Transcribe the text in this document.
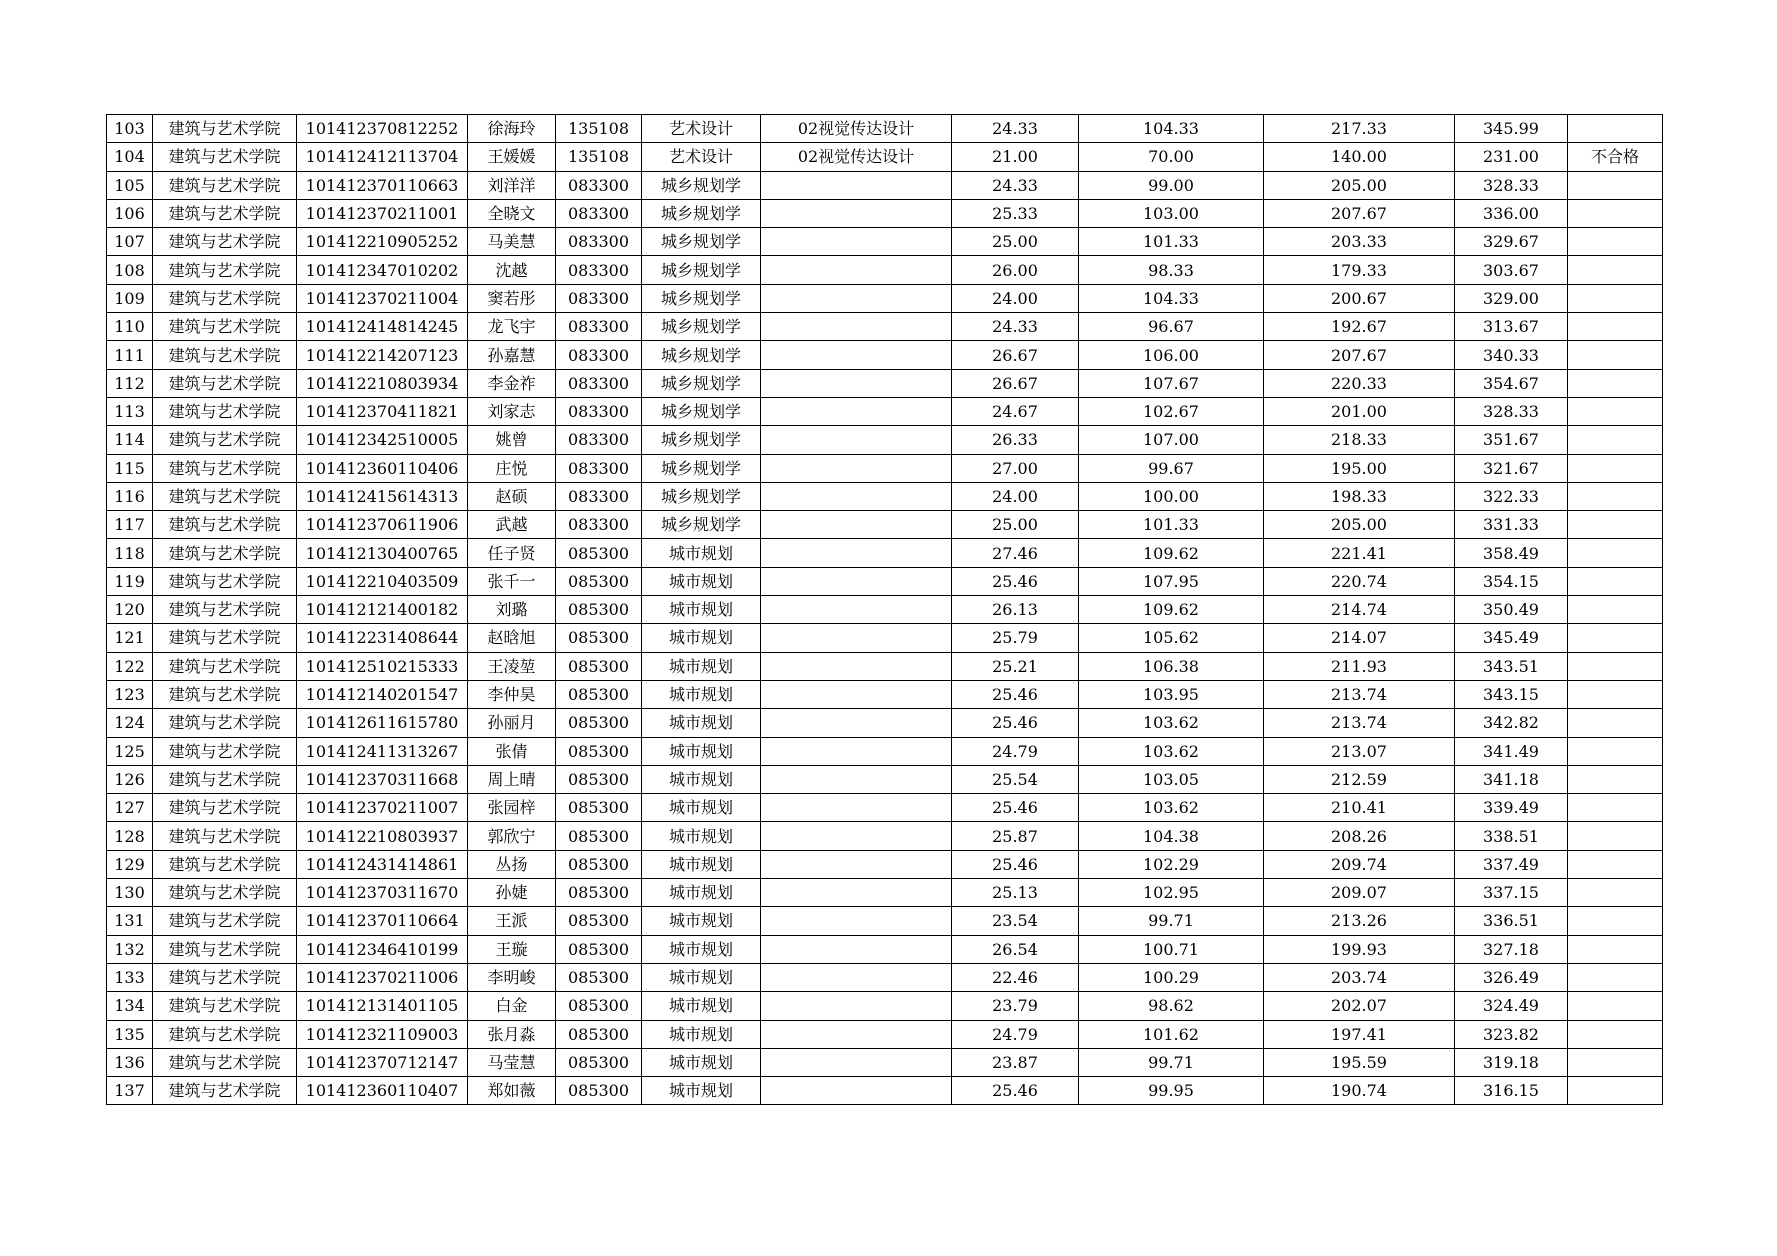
103	建筑与艺术学院	101412370812252	徐海玲	135108	艺术设计	02视觉传达设计	24.33	104.33	217.33	345.99	
104	建筑与艺术学院	101412412113704	王媛媛	135108	艺术设计	02视觉传达设计	21.00	70.00	140.00	231.00	不合格
105	建筑与艺术学院	101412370110663	刘洋洋	083300	城乡规划学		24.33	99.00	205.00	328.33	
106	建筑与艺术学院	101412370211001	全晓文	083300	城乡规划学		25.33	103.00	207.67	336.00	
107	建筑与艺术学院	101412210905252	马美慧	083300	城乡规划学		25.00	101.33	203.33	329.67	
108	建筑与艺术学院	101412347010202	沈越	083300	城乡规划学		26.00	98.33	179.33	303.67	
109	建筑与艺术学院	101412370211004	窦若彤	083300	城乡规划学		24.00	104.33	200.67	329.00	
110	建筑与艺术学院	101412414814245	龙飞宇	083300	城乡规划学		24.33	96.67	192.67	313.67	
111	建筑与艺术学院	101412214207123	孙嘉慧	083300	城乡规划学		26.67	106.00	207.67	340.33	
112	建筑与艺术学院	101412210803934	李金祚	083300	城乡规划学		26.67	107.67	220.33	354.67	
113	建筑与艺术学院	101412370411821	刘家志	083300	城乡规划学		24.67	102.67	201.00	328.33	
114	建筑与艺术学院	101412342510005	姚曾	083300	城乡规划学		26.33	107.00	218.33	351.67	
115	建筑与艺术学院	101412360110406	庄悦	083300	城乡规划学		27.00	99.67	195.00	321.67	
116	建筑与艺术学院	101412415614313	赵硕	083300	城乡规划学		24.00	100.00	198.33	322.33	
117	建筑与艺术学院	101412370611906	武越	083300	城乡规划学		25.00	101.33	205.00	331.33	
118	建筑与艺术学院	101412130400765	任子贤	085300	城市规划		27.46	109.62	221.41	358.49	
119	建筑与艺术学院	101412210403509	张千一	085300	城市规划		25.46	107.95	220.74	354.15	
120	建筑与艺术学院	101412121400182	刘璐	085300	城市规划		26.13	109.62	214.74	350.49	
121	建筑与艺术学院	101412231408644	赵晗旭	085300	城市规划		25.79	105.62	214.07	345.49	
122	建筑与艺术学院	101412510215333	王凌堃	085300	城市规划		25.21	106.38	211.93	343.51	
123	建筑与艺术学院	101412140201547	李仲昊	085300	城市规划		25.46	103.95	213.74	343.15	
124	建筑与艺术学院	101412611615780	孙丽月	085300	城市规划		25.46	103.62	213.74	342.82	
125	建筑与艺术学院	101412411313267	张倩	085300	城市规划		24.79	103.62	213.07	341.49	
126	建筑与艺术学院	101412370311668	周上晴	085300	城市规划		25.54	103.05	212.59	341.18	
127	建筑与艺术学院	101412370211007	张园梓	085300	城市规划		25.46	103.62	210.41	339.49	
128	建筑与艺术学院	101412210803937	郭欣宁	085300	城市规划		25.87	104.38	208.26	338.51	
129	建筑与艺术学院	101412431414861	丛扬	085300	城市规划		25.46	102.29	209.74	337.49	
130	建筑与艺术学院	101412370311670	孙婕	085300	城市规划		25.13	102.95	209.07	337.15	
131	建筑与艺术学院	101412370110664	王派	085300	城市规划		23.54	99.71	213.26	336.51	
132	建筑与艺术学院	101412346410199	王璇	085300	城市规划		26.54	100.71	199.93	327.18	
133	建筑与艺术学院	101412370211006	李明峻	085300	城市规划		22.46	100.29	203.74	326.49	
134	建筑与艺术学院	101412131401105	白金	085300	城市规划		23.79	98.62	202.07	324.49	
135	建筑与艺术学院	101412321109003	张月淼	085300	城市规划		24.79	101.62	197.41	323.82	
136	建筑与艺术学院	101412370712147	马莹慧	085300	城市规划		23.87	99.71	195.59	319.18	
137	建筑与艺术学院	101412360110407	郑如薇	085300	城市规划		25.46	99.95	190.74	316.15	
